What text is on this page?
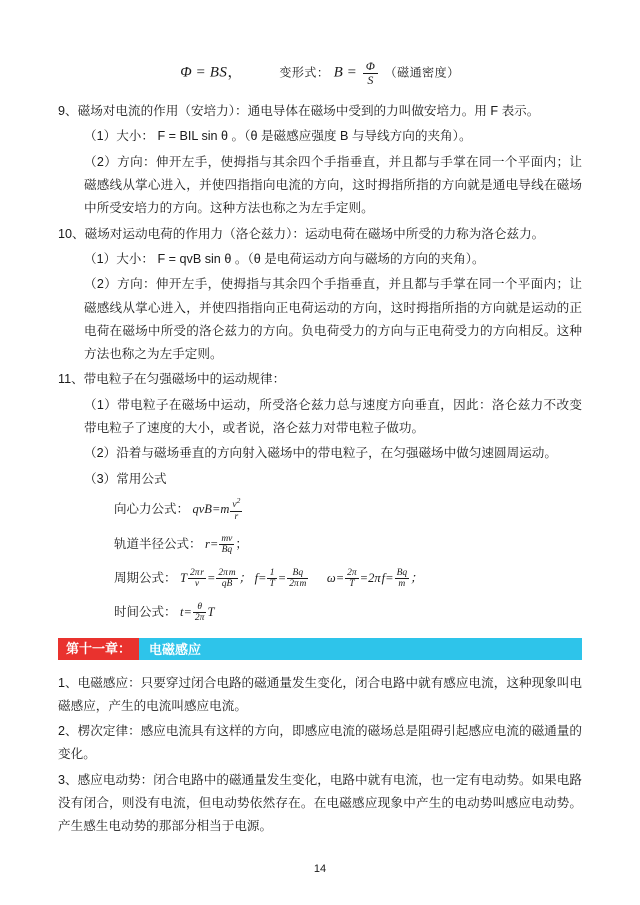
Φ = BS，	变形式： $B = \frac{\Phi}{S}$ （磁通密度）

9、磁场对电流的作用（安培力）：通电导体在磁场中受到的力叫做安培力。用 F 表示。

（1）大小： F = BIL sin θ 。（θ 是磁感应强度 B 与导线方向的夹角）。

（2）方向：伸开左手，使拇指与其余四个手指垂直，并且都与手掌在同一个平面内；让磁感线从掌心进入，并使四指指向电流的方向，这时拇指所指的方向就是通电导线在磁场中所受安培力的方向。这种方法也称之为左手定则。

10、磁场对运动电荷的作用力（洛仑兹力）：运动电荷在磁场中所受的力称为洛仑兹力。

（1）大小： F = qvB sin θ 。（θ 是电荷运动方向与磁场的方向的夹角）。

（2）方向：伸开左手，使拇指与其余四个手指垂直，并且都与手掌在同一个平面内；让磁感线从掌心进入，并使四指指向正电荷运动的方向，这时拇指所指的方向就是运动的正电荷在磁场中所受的洛仑兹力的方向。负电荷受力的方向与正电荷受力的方向相反。这种方法也称之为左手定则。

11、带电粒子在匀强磁场中的运动规律：

（1）带电粒子在磁场中运动，所受洛仑兹力总与速度方向垂直，因此：洛仑兹力不改变带电粒子了速度的大小，或者说，洛仑兹力对带电粒子做功。

（2）沿着与磁场垂直的方向射入磁场中的带电粒子，在匀强磁场中做匀速圆周运动。

（3）常用公式

向心力公式： $qvB=m \frac{v^2}{r}$
轨道半径公式： $r= \frac{mv}{Bq}$ ；
周期公式： T $\frac{\text{2π r}}{v} = \frac{\text{2π m}}{qB}$ ； $f= \frac{1}{T} = \frac{Bq}{\text{2π m}} \omega= \frac{2\pi}{T} =2\pi$ $f= \frac{Bq}{m}$ ；
时间公式： $t= \frac{\theta}{2\pi}$ T
第十一章：	电磁感应

1、电磁感应：只要穿过闭合电路的磁通量发生变化，闭合电路中就有感应电流，这种现象叫电磁感应，产生的电流叫感应电流。

2、楞次定律：感应电流具有这样的方向，即感应电流的磁场总是阻碍引起感应电流的磁通量的变化。

3、感应电动势：闭合电路中的磁通量发生变化，电路中就有电流，也一定有电动势。如果电路没有闭合，则没有电流，但电动势依然存在。在电磁感应现象中产生的电动势叫感应电动势。产生感生电动势的那部分相当于电源。

14
